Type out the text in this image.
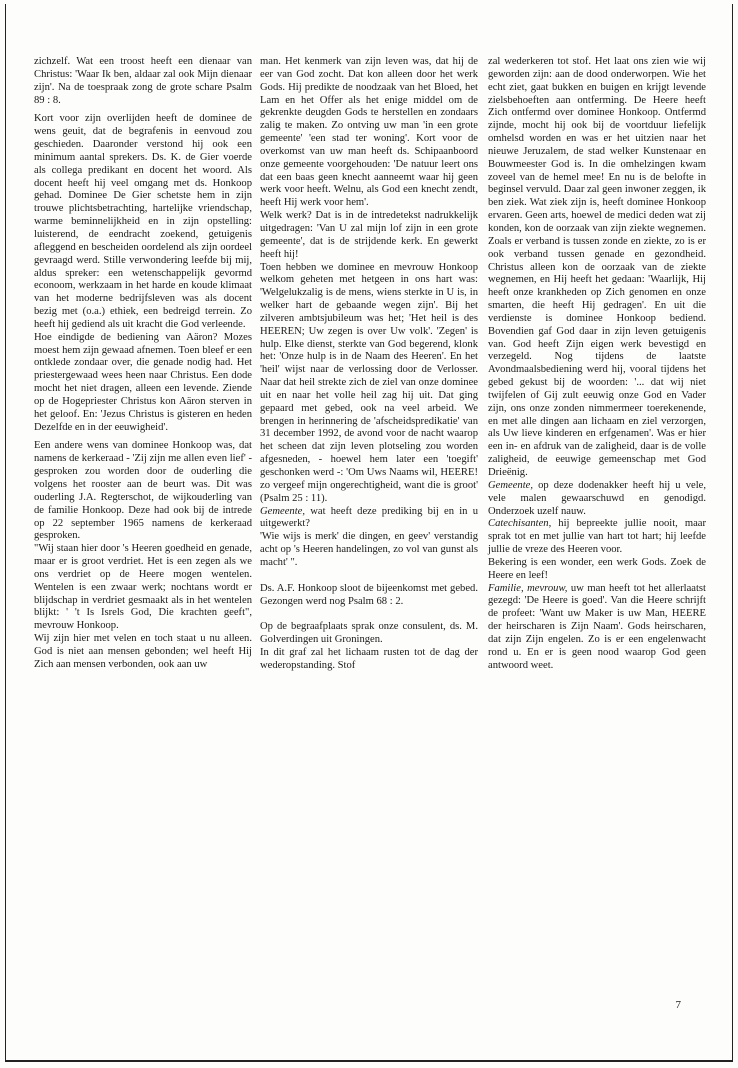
zichzelf. Wat een troost heeft een dienaar van Christus: 'Waar Ik ben, aldaar zal ook Mijn dienaar zijn'. Na de toespraak zong de grote schare Psalm 89 : 8.

Kort voor zijn overlijden heeft de dominee de wens geuit, dat de begrafenis in eenvoud zou geschieden. Daaronder verstond hij ook een minimum aantal sprekers. Ds. K. de Gier voerde als collega predikant en docent het woord. Als docent heeft hij veel omgang met ds. Honkoop gehad. Dominee De Gier schetste hem in zijn trouwe plichtsbetrachting, hartelijke vriendschap, warme beminnelijkheid en in zijn opstelling: luisterend, de eendracht zoekend, getuigenis afleggend en bescheiden oordelend als zijn oordeel gevraagd werd. Stille verwondering leefde bij mij, aldus spreker: een wetenschappelijk gevormd econoom, werkzaam in het harde en koude klimaat van het moderne bedrijfsleven was als docent bezig met (o.a.) ethiek, een bedreigd terrein. Zo heeft hij gediend als uit kracht die God verleende.

Hoe eindigde de bediening van Aäron? Mozes moest hem zijn gewaad afnemen. Toen bleef er een ontklede zondaar over, die genade nodig had. Het priestergewaad wees heen naar Christus. Een dode mocht het niet dragen, alleen een levende. Ziende op de Hogepriester Christus kon Aäron sterven in het geloof. En: 'Jezus Christus is gisteren en heden Dezelfde en in der eeuwigheid'.

Een andere wens van dominee Honkoop was, dat namens de kerkeraad - 'Zij zijn me allen even lief' - gesproken zou worden door de ouderling die volgens het rooster aan de beurt was. Dit was ouderling J.A. Regterschot, de wijkouderling van de familie Honkoop. Deze had ook bij de intrede op 22 september 1965 namens de kerkeraad gesproken.

"Wij staan hier door 's Heeren goedheid en genade, maar er is groot verdriet. Het is een zegen als we ons verdriet op de Heere mogen wentelen. Wentelen is een zwaar werk; nochtans wordt er blijdschap in verdriet gesmaakt als in het wentelen blijkt: ' 't Is Isrels God, Die krachten geeft", mevrouw Honkoop.

Wij zijn hier met velen en toch staat u nu alleen. God is niet aan mensen gebonden; wel heeft Hij Zich aan mensen verbonden, ook aan uw

man. Het kenmerk van zijn leven was, dat hij de eer van God zocht. Dat kon alleen door het werk Gods. Hij predikte de noodzaak van het Bloed, het Lam en het Offer als het enige middel om de gekrenkte deugden Gods te herstellen en zondaars zalig te maken. Zo ontving uw man 'in een grote gemeente' 'een stad ter woning'. Kort voor de overkomst van uw man heeft ds. Schipaanboord onze gemeente voorgehouden: 'De natuur leert ons dat een baas geen knecht aanneemt waar hij geen werk voor heeft. Welnu, als God een knecht zendt, heeft Hij werk voor hem'.

Welk werk? Dat is in de intredetekst nadrukkelijk uitgedragen: 'Van U zal mijn lof zijn in een grote gemeente', dat is de strijdende kerk. En gewerkt heeft hij!

Toen hebben we dominee en mevrouw Honkoop welkom geheten met hetgeen in ons hart was: 'Welgelukzalig is de mens, wiens sterkte in U is, in welker hart de gebaande wegen zijn'. Bij het zilveren ambtsjubileum was het; 'Het heil is des HEEREN; Uw zegen is over Uw volk'. 'Zegen' is hulp. Elke dienst, sterkte van God begerend, klonk het: 'Onze hulp is in de Naam des Heeren'. En het 'heil' wijst naar de verlossing door de Verlosser. Naar dat heil strekte zich de ziel van onze dominee uit en naar het volle heil zag hij uit. Dat ging gepaard met gebed, ook na veel arbeid. We brengen in herinnering de 'afscheidspredikatie' van 31 december 1992, de avond voor de nacht waarop het scheen dat zijn leven plotseling zou worden afgesneden, - hoewel hem later een 'toegift' geschonken werd -: 'Om Uws Naams wil, HEERE! zo vergeef mijn ongerechtigheid, want die is groot' (Psalm 25 : 11).

Gemeente, wat heeft deze prediking bij en in u uitgewerkt?

'Wie wijs is merk' die dingen, en geev' verstandig acht op 's Heeren handelingen, zo vol van gunst als macht' ".

Ds. A.F. Honkoop sloot de bijeenkomst met gebed. Gezongen werd nog Psalm 68 : 2.

Op de begraafplaats sprak onze consulent, ds. M. Golverdingen uit Groningen.

In dit graf zal het lichaam rusten tot de dag der wederopstanding. Stof

zal wederkeren tot stof. Het laat ons zien wie wij geworden zijn: aan de dood onderworpen. Wie het echt ziet, gaat bukken en buigen en krijgt levende zielsbehoeften aan ontferming. De Heere heeft Zich ontfermd over dominee Honkoop. Ontfermd zijnde, mocht hij ook bij de voortduur liefelijk omhelsd worden en was er het uitzien naar het nieuwe Jeruzalem, de stad welker Kunstenaar en Bouwmeester God is. In die omhelzingen kwam zoveel van de hemel mee! En nu is de belofte in beginsel vervuld. Daar zal geen inwoner zeggen, ik ben ziek. Wat ziek zijn is, heeft dominee Honkoop ervaren. Geen arts, hoewel de medici deden wat zij konden, kon de oorzaak van zijn ziekte wegnemen. Zoals er verband is tussen zonde en ziekte, zo is er ook verband tussen genade en gezondheid. Christus alleen kon de oorzaak van de ziekte wegnemen, en Hij heeft het gedaan: 'Waarlijk, Hij heeft onze krankheden op Zich genomen en onze smarten, die heeft Hij gedragen'. En uit die verdienste is dominee Honkoop bediend. Bovendien gaf God daar in zijn leven getuigenis van. God heeft Zijn eigen werk bevestigd en verzegeld. Nog tijdens de laatste Avondmaalsbediening werd hij, vooral tijdens het gebed gekust bij de woorden: '... dat wij niet twijfelen of Gij zult eeuwig onze God en Vader zijn, ons onze zonden nimmermeer toerekenende, en met alle dingen aan lichaam en ziel verzorgen, als Uw lieve kinderen en erfgenamen'. Was er hier een in- en afdruk van de zaligheid, daar is de volle zaligheid, de eeuwige gemeenschap met God Drieënig.

Gemeente, op deze dodenakker heeft hij u vele, vele malen gewaarschuwd en genodigd. Onderzoek uzelf nauw.

Catechisanten, hij bepreekte jullie nooit, maar sprak tot en met jullie van hart tot hart; hij leefde jullie de vreze des Heeren voor.

Bekering is een wonder, een werk Gods. Zoek de Heere en leef!

Familie, mevrouw, uw man heeft tot het allerlaatst gezegd: 'De Heere is goed'. Van die Heere schrijft de profeet: 'Want uw Maker is uw Man, HEERE der heirscharen is Zijn Naam'. Gods heirscharen, dat zijn Zijn engelen. Zo is er een engelenwacht rond u. En er is geen nood waarop God geen antwoord weet.

7
